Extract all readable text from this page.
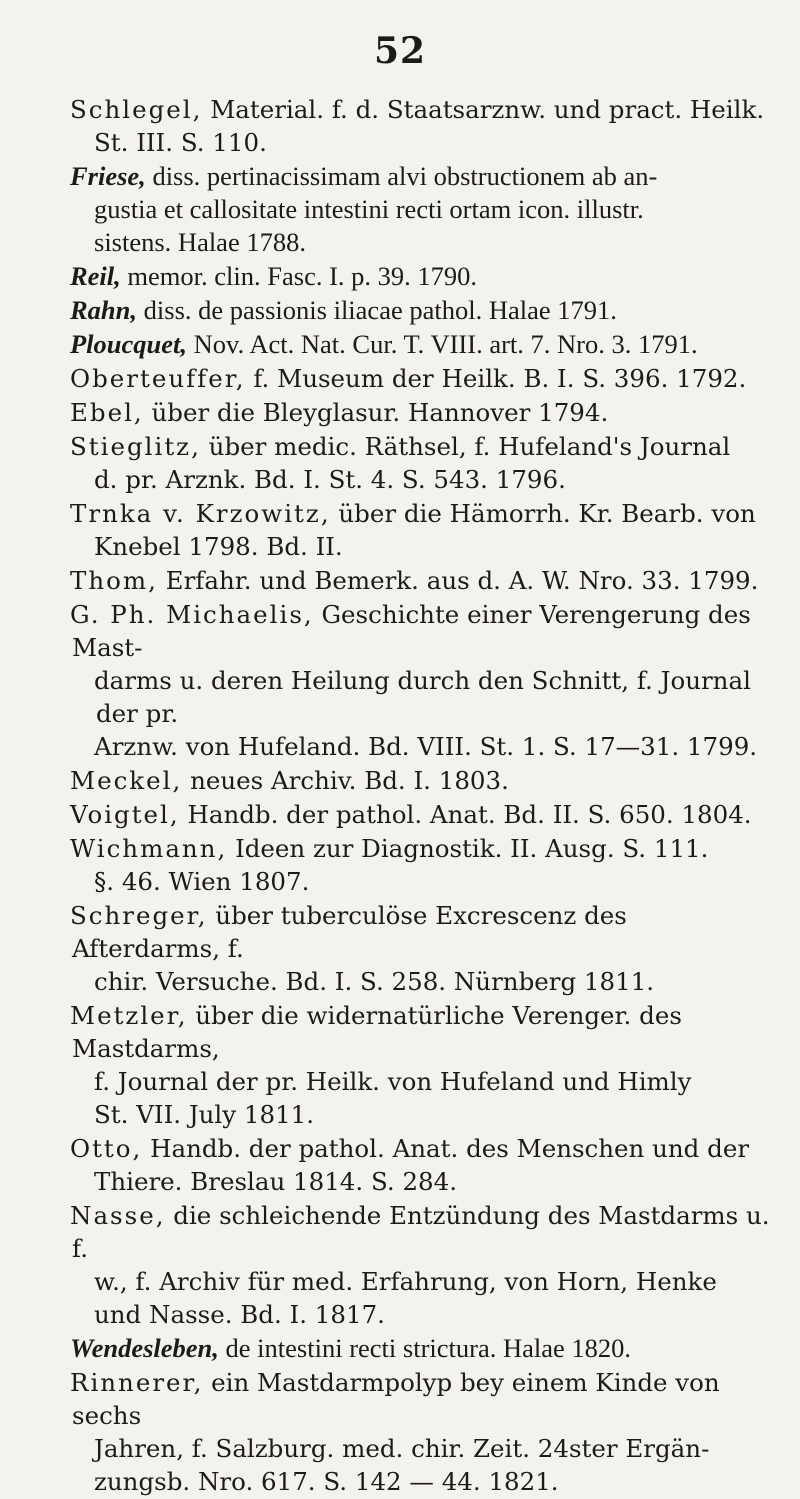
52
Schlegel, Material. f. d. Staatsarznw. und pract. Heilk.
St. III. S. 110.
Friese, diss. pertinacissimam alvi obstructionem ab an-
gustia et callositate intestini recti ortam icon. illustr.
sistens. Halae 1788.
Reil, memor. clin. Fasc. I. p. 39. 1790.
Rahn, diss. de passionis iliacae pathol. Halae 1791.
Ploucquet, Nov. Act. Nat. Cur. T. VIII. art. 7. Nro. 3. 1791.
Oberteuffer, f. Museum der Heilk. B. I. S. 396. 1792.
Ebel, über die Bleyglasur. Hannover 1794.
Stieglitz, über medic. Räthsel, f. Hufeland's Journal
d. pr. Arznk. Bd. I. St. 4. S. 543. 1796.
Trnka v. Krzowitz, über die Hämorrh. Kr. Bearb. von
Knebel 1798. Bd. II.
Thom, Erfahr. und Bemerk. aus d. A. W. Nro. 33. 1799.
G. Ph. Michaelis, Geschichte einer Verengerung des Mast-
darms u. deren Heilung durch den Schnitt, f. Journal der pr.
Arznw. von Hufeland. Bd. VIII. St. 1. S. 17—31. 1799.
Meckel, neues Archiv. Bd. I. 1803.
Voigtel, Handb. der pathol. Anat. Bd. II. S. 650. 1804.
Wichmann, Ideen zur Diagnostik. II. Ausg. S. 111.
§. 46. Wien 1807.
Schreger, über tuberculöse Excrescenz des Afterdarms, f.
chir. Versuche. Bd. I. S. 258. Nürnberg 1811.
Metzler, über die widernatürliche Verenger. des Mastdarms,
f. Journal der pr. Heilk. von Hufeland und Himly
St. VII. July 1811.
Otto, Handb. der pathol. Anat. des Menschen und der
Thiere. Breslau 1814. S. 284.
Nasse, die schleichende Entzündung des Mastdarms u. f.
w., f. Archiv für med. Erfahrung, von Horn, Henke
und Nasse. Bd. I. 1817.
Wendesleben, de intestini recti strictura. Halae 1820.
Rinnerer, ein Mastdarmpolyp bey einem Kinde von sechs
Jahren, f. Salzburg. med. chir. Zeit. 24ster Ergän-
zungsb. Nro. 617. S. 142 — 44. 1821.
